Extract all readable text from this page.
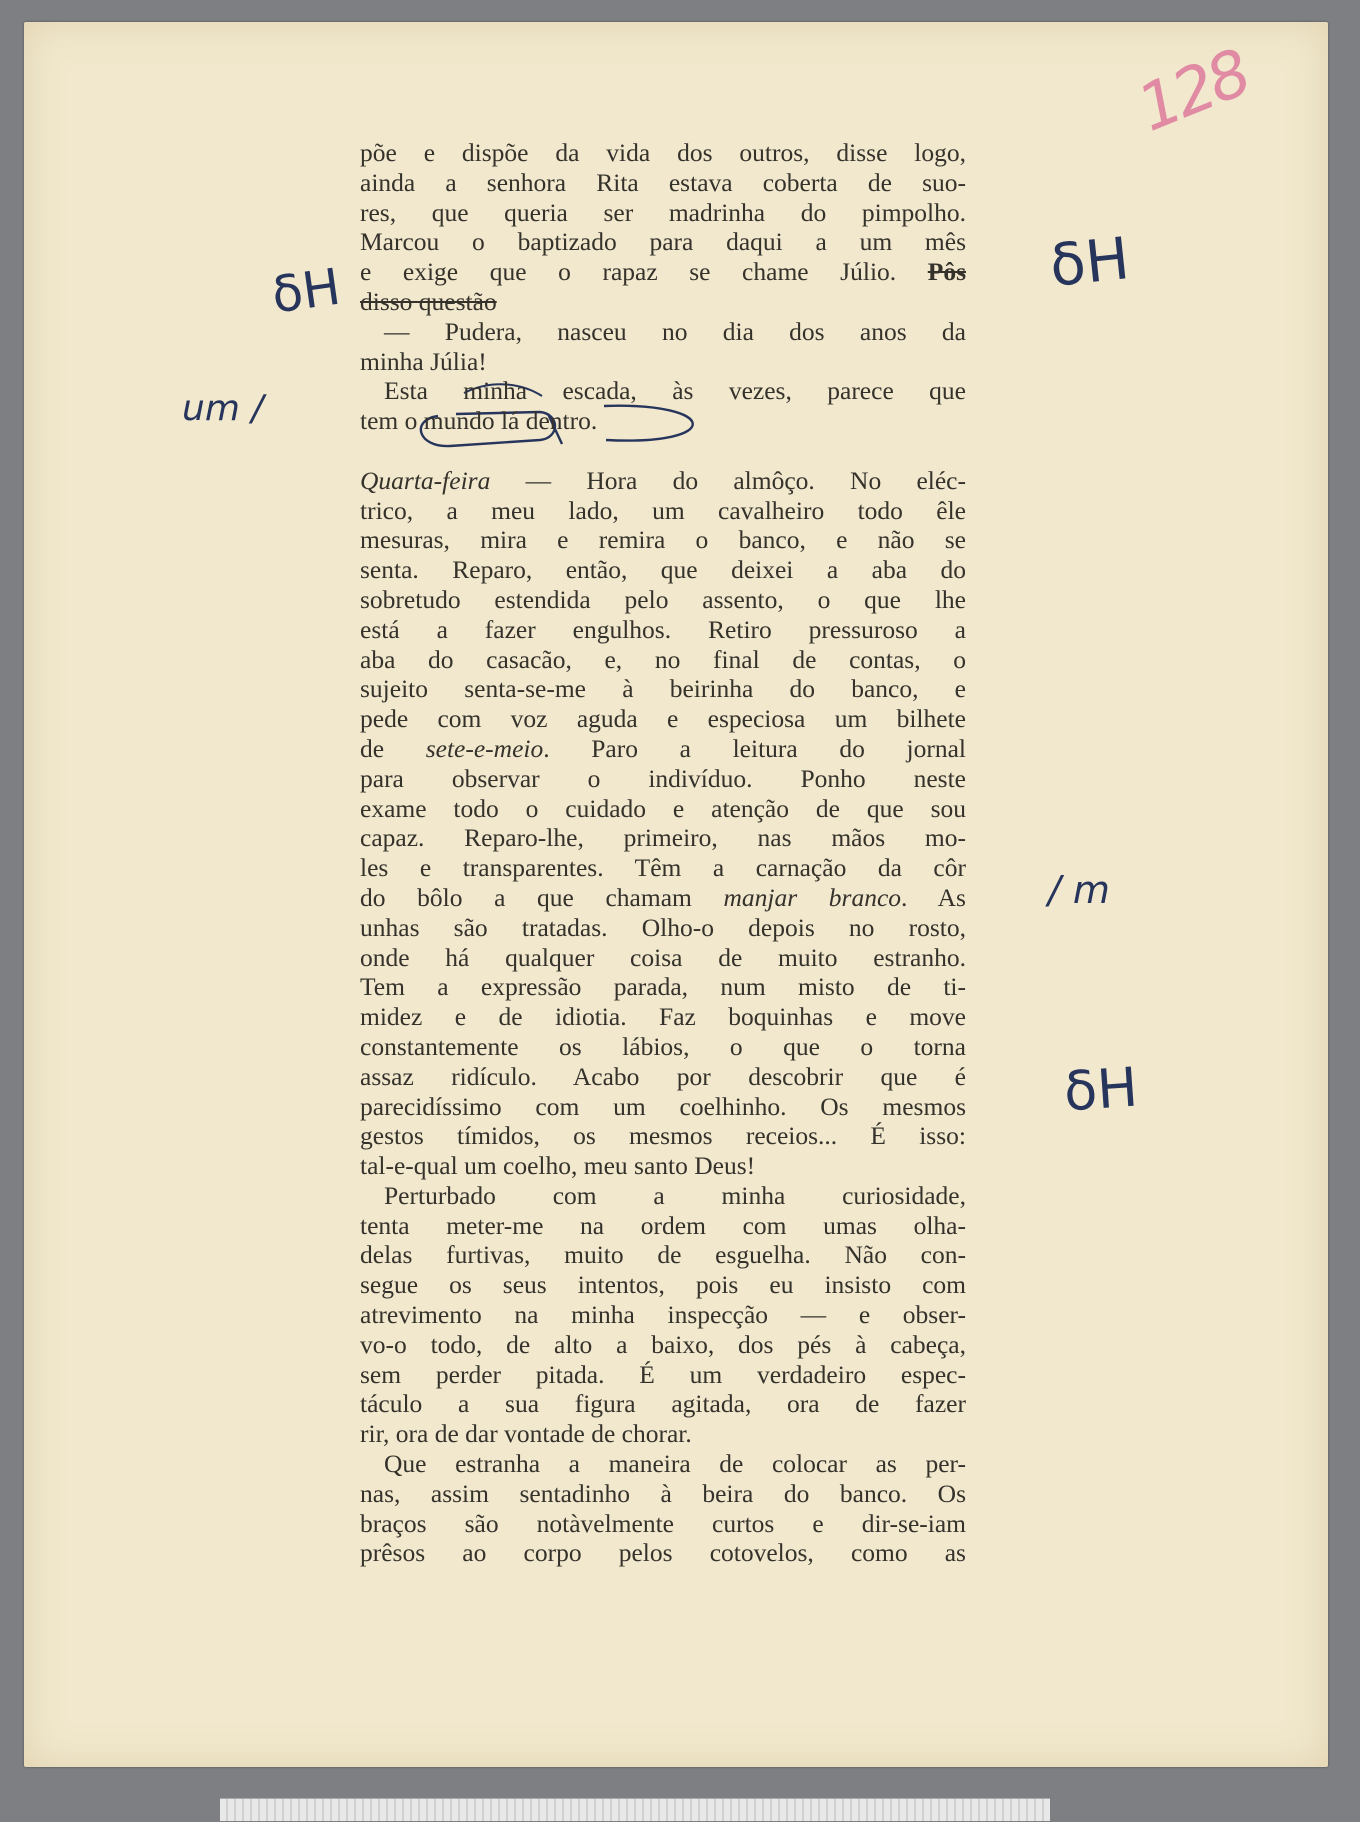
128
δH	δH
um /
/ m
δH
põe e dispõe da vida dos outros, disse logo,
ainda a senhora Rita estava coberta de suo-
res, que queria ser madrinha do pimpolho.
Marcou o baptizado para daqui a um mês
e exige que o rapaz se chame Júlio. Pôs
disso questão
— Pudera, nasceu no dia dos anos da
minha Júlia!
Esta minha escada, às vezes, parece que
tem o mundo lá dentro.
Quarta-feira — Hora do almôço. No eléc-
trico, a meu lado, um cavalheiro todo êle
mesuras, mira e remira o banco, e não se
senta. Reparo, então, que deixei a aba do
sobretudo estendida pelo assento, o que lhe
está a fazer engulhos. Retiro pressuroso a
aba do casacão, e, no final de contas, o
sujeito senta-se-me à beirinha do banco, e
pede com voz aguda e especiosa um bilhete
de sete-e-meio. Paro a leitura do jornal
para observar o indivíduo. Ponho neste
exame todo o cuidado e atenção de que sou
capaz. Reparo-lhe, primeiro, nas mãos mo-
les e transparentes. Têm a carnação da côr
do bôlo a que chamam manjar branco. As
unhas são tratadas. Olho-o depois no rosto,
onde há qualquer coisa de muito estranho.
Tem a expressão parada, num misto de ti-
midez e de idiotia. Faz boquinhas e move
constantemente os lábios, o que o torna
assaz ridículo. Acabo por descobrir que é
parecidíssimo com um coelhinho. Os mesmos
gestos tímidos, os mesmos receios... É isso:
tal-e-qual um coelho, meu santo Deus!
Perturbado com a minha curiosidade,
tenta meter-me na ordem com umas olha-
delas furtivas, muito de esguelha. Não con-
segue os seus intentos, pois eu insisto com
atrevimento na minha inspecção — e obser-
vo-o todo, de alto a baixo, dos pés à cabeça,
sem perder pitada. É um verdadeiro espec-
táculo a sua figura agitada, ora de fazer
rir, ora de dar vontade de chorar.
Que estranha a maneira de colocar as per-
nas, assim sentadinho à beira do banco. Os
braços são notàvelmente curtos e dir-se-iam
prêsos ao corpo pelos cotovelos, como as
